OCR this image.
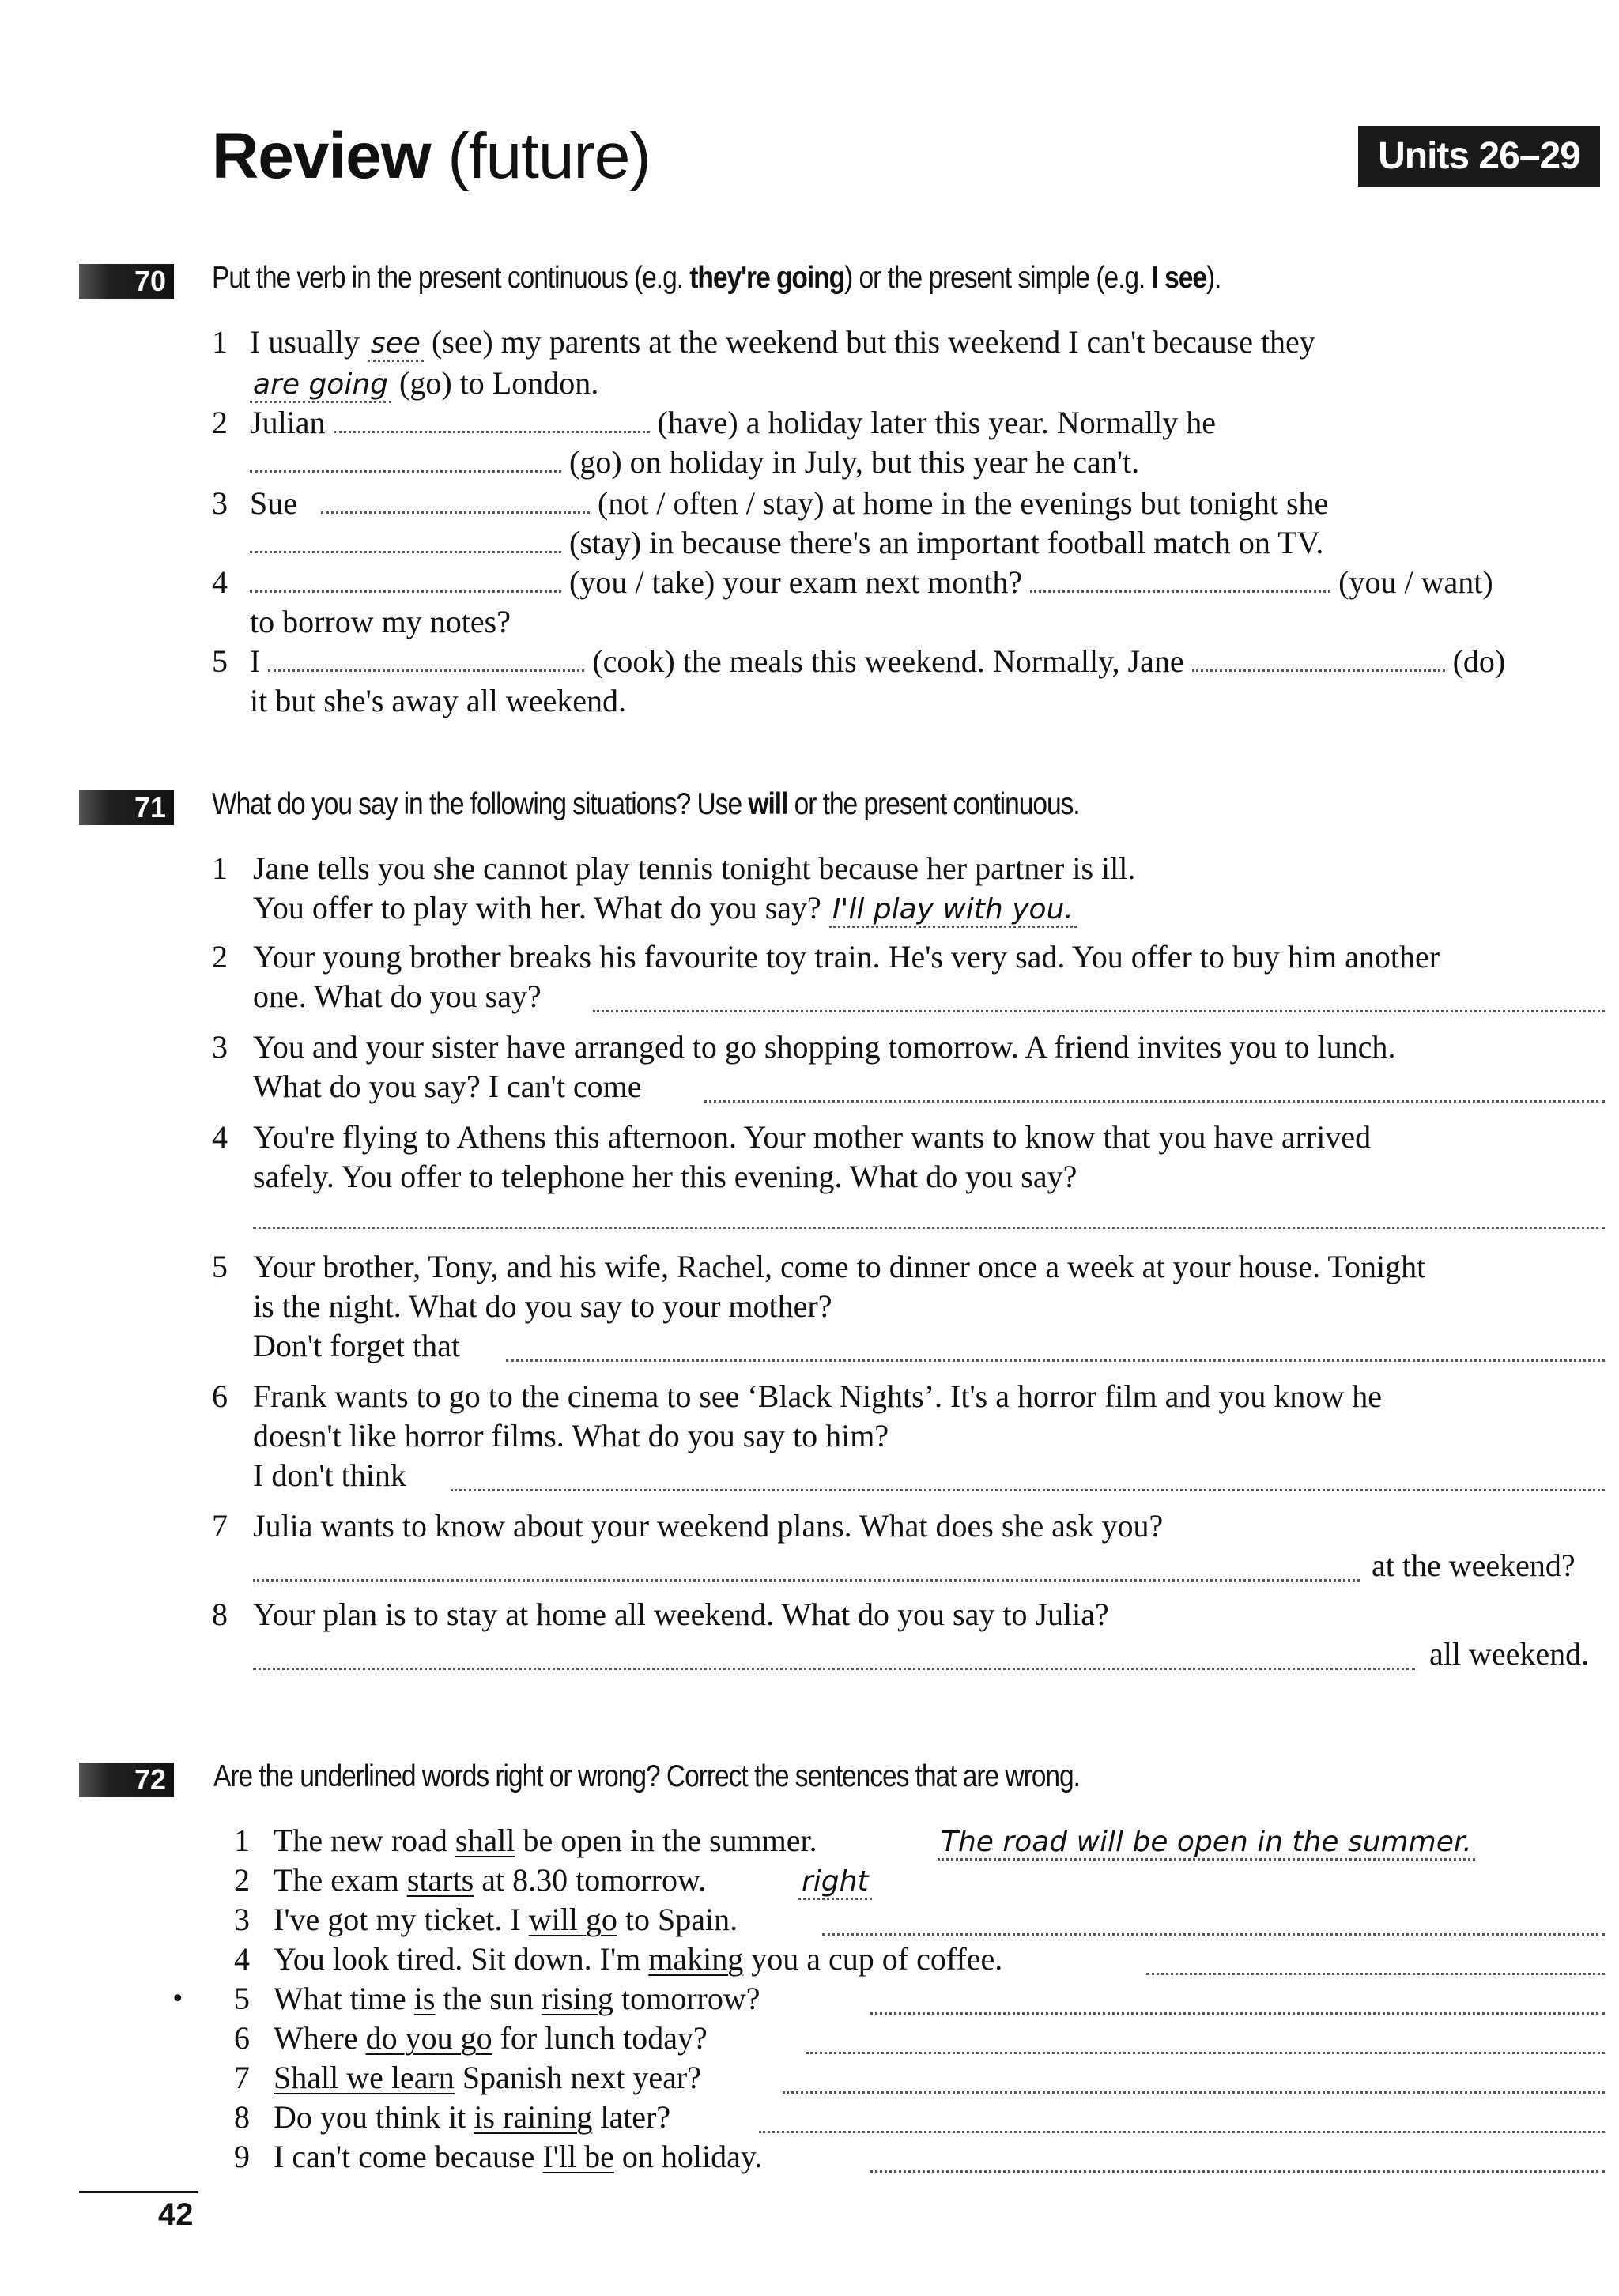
Review (future)	Units 26–29
70 Put the verb in the present continuous (e.g. they're going) or the present simple (e.g. I see).
1 I usually see (see) my parents at the weekend but this weekend I can't because they
are going (go) to London.
2 Julian	(have) a holiday later this year. Normally he
(go) on holiday in July, but this year he can't.
3 Sue	(not / often / stay) at home in the evenings but tonight she
(stay) in because there's an important football match on TV.
4	(you / take) your exam next month?	(you / want)
to borrow my notes?
5 I	(cook) the meals this weekend. Normally, Jane	(do)
it but she's away all weekend.
71 What do you say in the following situations? Use will or the present continuous.
1 Jane tells you she cannot play tennis tonight because her partner is ill.
You offer to play with her. What do you say? I'll play with you.
2 Your young brother breaks his favourite toy train. He's very sad. You offer to buy him another
one. What do you say?
3 You and your sister have arranged to go shopping tomorrow. A friend invites you to lunch.
What do you say? I can't come
4 You're flying to Athens this afternoon. Your mother wants to know that you have arrived
safely. You offer to telephone her this evening. What do you say?
5 Your brother, Tony, and his wife, Rachel, come to dinner once a week at your house. Tonight
is the night. What do you say to your mother?
Don't forget that
6 Frank wants to go to the cinema to see ‘Black Nights’. It's a horror film and you know he
doesn't like horror films. What do you say to him?
I don't think
7 Julia wants to know about your weekend plans. What does she ask you?
at the weekend?
8 Your plan is to stay at home all weekend. What do you say to Julia?
all weekend.
72 Are the underlined words right or wrong? Correct the sentences that are wrong.
1 The new road shall be open in the summer.	The road will be open in the summer.
2 The exam starts at 8.30 tomorrow.	right
3 I've got my ticket. I will go to Spain.
4 You look tired. Sit down. I'm making you a cup of coffee.
• 5 What time is the sun rising tomorrow?
6 Where do you go for lunch today?
7 Shall we learn Spanish next year?
8 Do you think it is raining later?
9 I can't come because I'll be on holiday.
42
